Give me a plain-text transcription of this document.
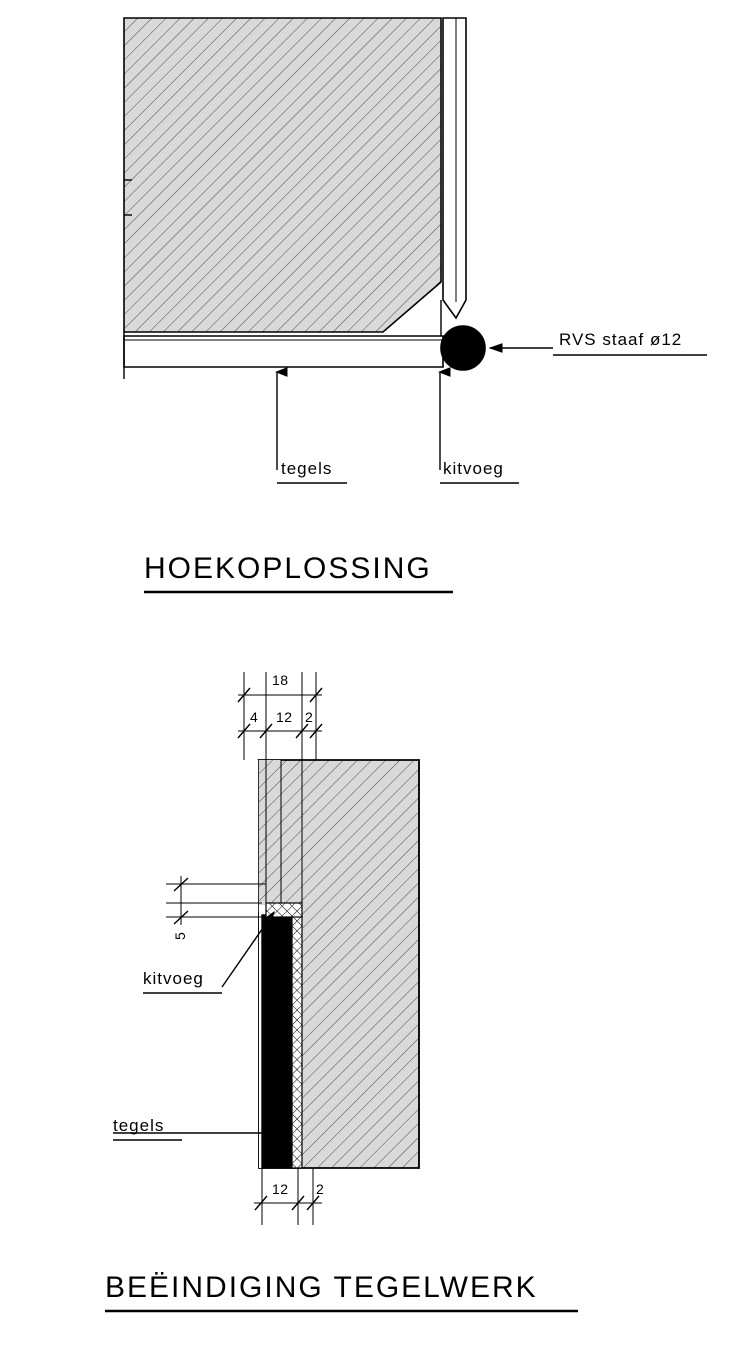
RVS staaf ø12
tegels	kitvoeg
HOEKOPLOSSING
18
4 12 2
5
kitvoeg
tegels
12 2
BEËINDIGING TEGELWERK
